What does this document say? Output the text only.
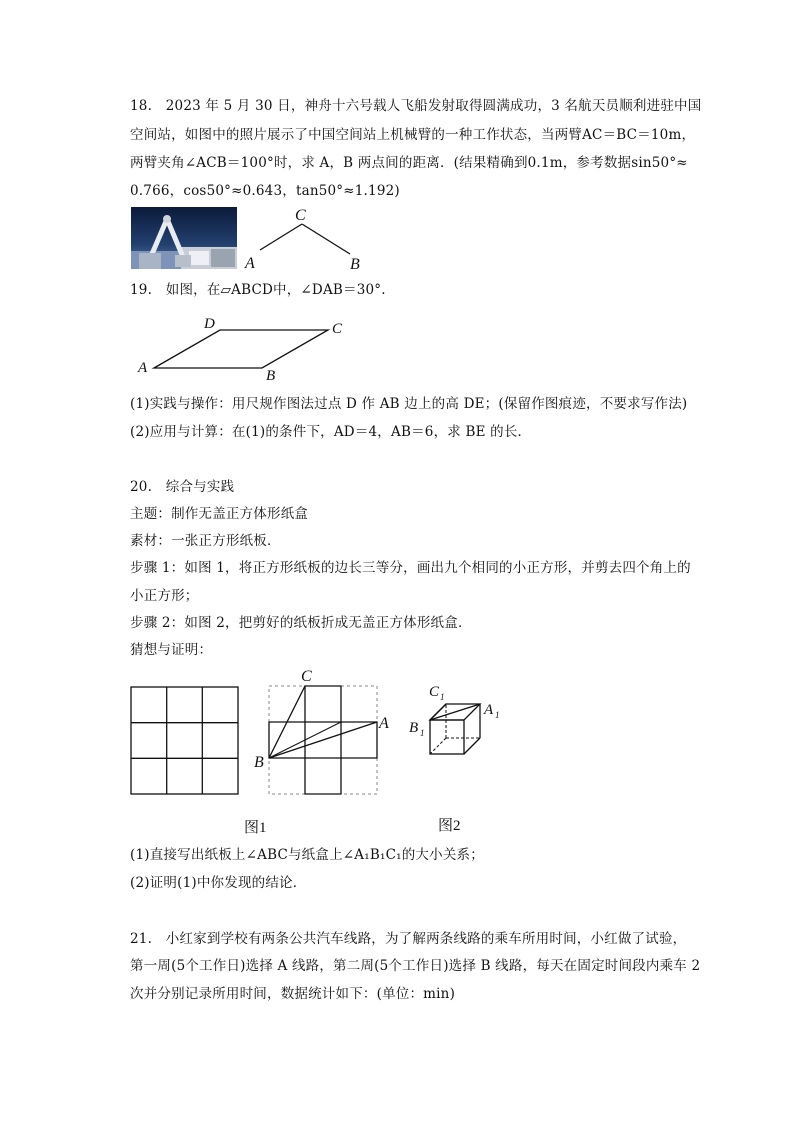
18.　2023 年 5 月 30 日，神舟十六号载人飞船发射取得圆满成功，3 名航天员顺利进驻中国
空间站，如图中的照片展示了中国空间站上机械臂的一种工作状态，当两臂AC＝BC＝10m，
两臂夹角∠ACB＝100°时，求 A，B 两点间的距离．(结果精确到0.1m，参考数据sin50°≈
0.766，cos50°≈0.643，tan50°≈1.192)
C
A	B
19.　如图，在▱ABCD中，∠DAB＝30°.
D	C
A	B
(1)实践与操作：用尺规作图法过点 D 作 AB 边上的高 DE；(保留作图痕迹，不要求写作法)
(2)应用与计算：在(1)的条件下，AD＝4，AB＝6，求 BE 的长．
20.　综合与实践
主题：制作无盖正方体形纸盒
素材：一张正方形纸板．
步骤 1：如图 1，将正方形纸板的边长三等分，画出九个相同的小正方形，并剪去四个角上的
小正方形；
步骤 2：如图 2，把剪好的纸板折成无盖正方体形纸盒．
猜想与证明：
C
A
B
C 1
A 1
B 1
图1	图2
(1)直接写出纸板上∠ABC与纸盒上∠A₁B₁C₁的大小关系；
(2)证明(1)中你发现的结论．
21.　小红家到学校有两条公共汽车线路，为了解两条线路的乘车所用时间，小红做了试验，
第一周(5个工作日)选择 A 线路，第二周(5个工作日)选择 B 线路，每天在固定时间段内乘车 2
次并分别记录所用时间，数据统计如下：(单位：min)
